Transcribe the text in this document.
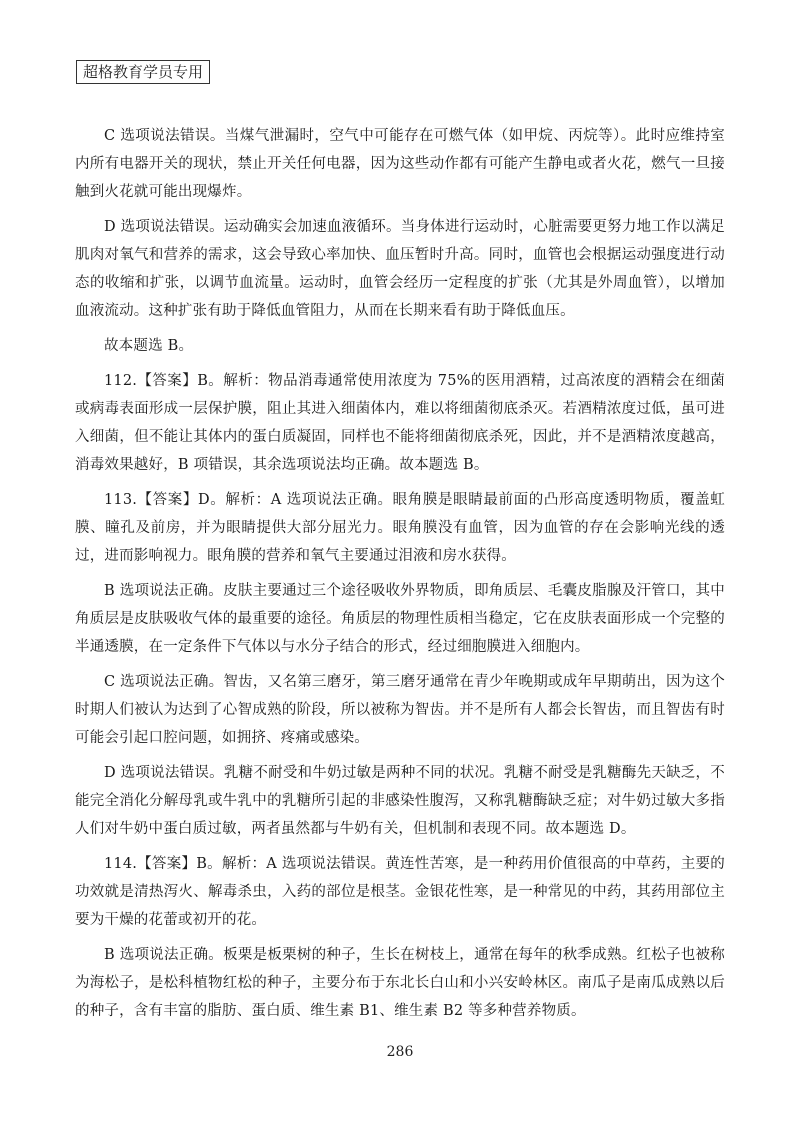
超格教育学员专用

C 选项说法错误。当煤气泄漏时，空气中可能存在可燃气体（如甲烷、丙烷等）。此时应维持室内所有电器开关的现状，禁止开关任何电器，因为这些动作都有可能产生静电或者火花，燃气一旦接触到火花就可能出现爆炸。

D 选项说法错误。运动确实会加速血液循环。当身体进行运动时，心脏需要更努力地工作以满足肌肉对氧气和营养的需求，这会导致心率加快、血压暂时升高。同时，血管也会根据运动强度进行动态的收缩和扩张，以调节血流量。运动时，血管会经历一定程度的扩张（尤其是外周血管），以增加血液流动。这种扩张有助于降低血管阻力，从而在长期来看有助于降低血压。

故本题选 B。

112.【答案】B。解析：物品消毒通常使用浓度为 75%的医用酒精，过高浓度的酒精会在细菌或病毒表面形成一层保护膜，阻止其进入细菌体内，难以将细菌彻底杀灭。若酒精浓度过低，虽可进入细菌，但不能让其体内的蛋白质凝固，同样也不能将细菌彻底杀死，因此，并不是酒精浓度越高，消毒效果越好，B 项错误，其余选项说法均正确。故本题选 B。

113.【答案】D。解析：A 选项说法正确。眼角膜是眼睛最前面的凸形高度透明物质，覆盖虹膜、瞳孔及前房，并为眼睛提供大部分屈光力。眼角膜没有血管，因为血管的存在会影响光线的透过，进而影响视力。眼角膜的营养和氧气主要通过泪液和房水获得。

B 选项说法正确。皮肤主要通过三个途径吸收外界物质，即角质层、毛囊皮脂腺及汗管口，其中角质层是皮肤吸收气体的最重要的途径。角质层的物理性质相当稳定，它在皮肤表面形成一个完整的半通透膜，在一定条件下气体以与水分子结合的形式，经过细胞膜进入细胞内。

C 选项说法正确。智齿，又名第三磨牙，第三磨牙通常在青少年晚期或成年早期萌出，因为这个时期人们被认为达到了心智成熟的阶段，所以被称为智齿。并不是所有人都会长智齿，而且智齿有时可能会引起口腔问题，如拥挤、疼痛或感染。

D 选项说法错误。乳糖不耐受和牛奶过敏是两种不同的状况。乳糖不耐受是乳糖酶先天缺乏，不能完全消化分解母乳或牛乳中的乳糖所引起的非感染性腹泻，又称乳糖酶缺乏症；对牛奶过敏大多指人们对牛奶中蛋白质过敏，两者虽然都与牛奶有关，但机制和表现不同。故本题选 D。

114.【答案】B。解析：A 选项说法错误。黄连性苦寒，是一种药用价值很高的中草药，主要的功效就是清热泻火、解毒杀虫，入药的部位是根茎。金银花性寒，是一种常见的中药，其药用部位主要为干燥的花蕾或初开的花。

B 选项说法正确。板栗是板栗树的种子，生长在树枝上，通常在每年的秋季成熟。红松子也被称为海松子，是松科植物红松的种子，主要分布于东北长白山和小兴安岭林区。南瓜子是南瓜成熟以后的种子，含有丰富的脂肪、蛋白质、维生素 B1、维生素 B2 等多种营养物质。

286
